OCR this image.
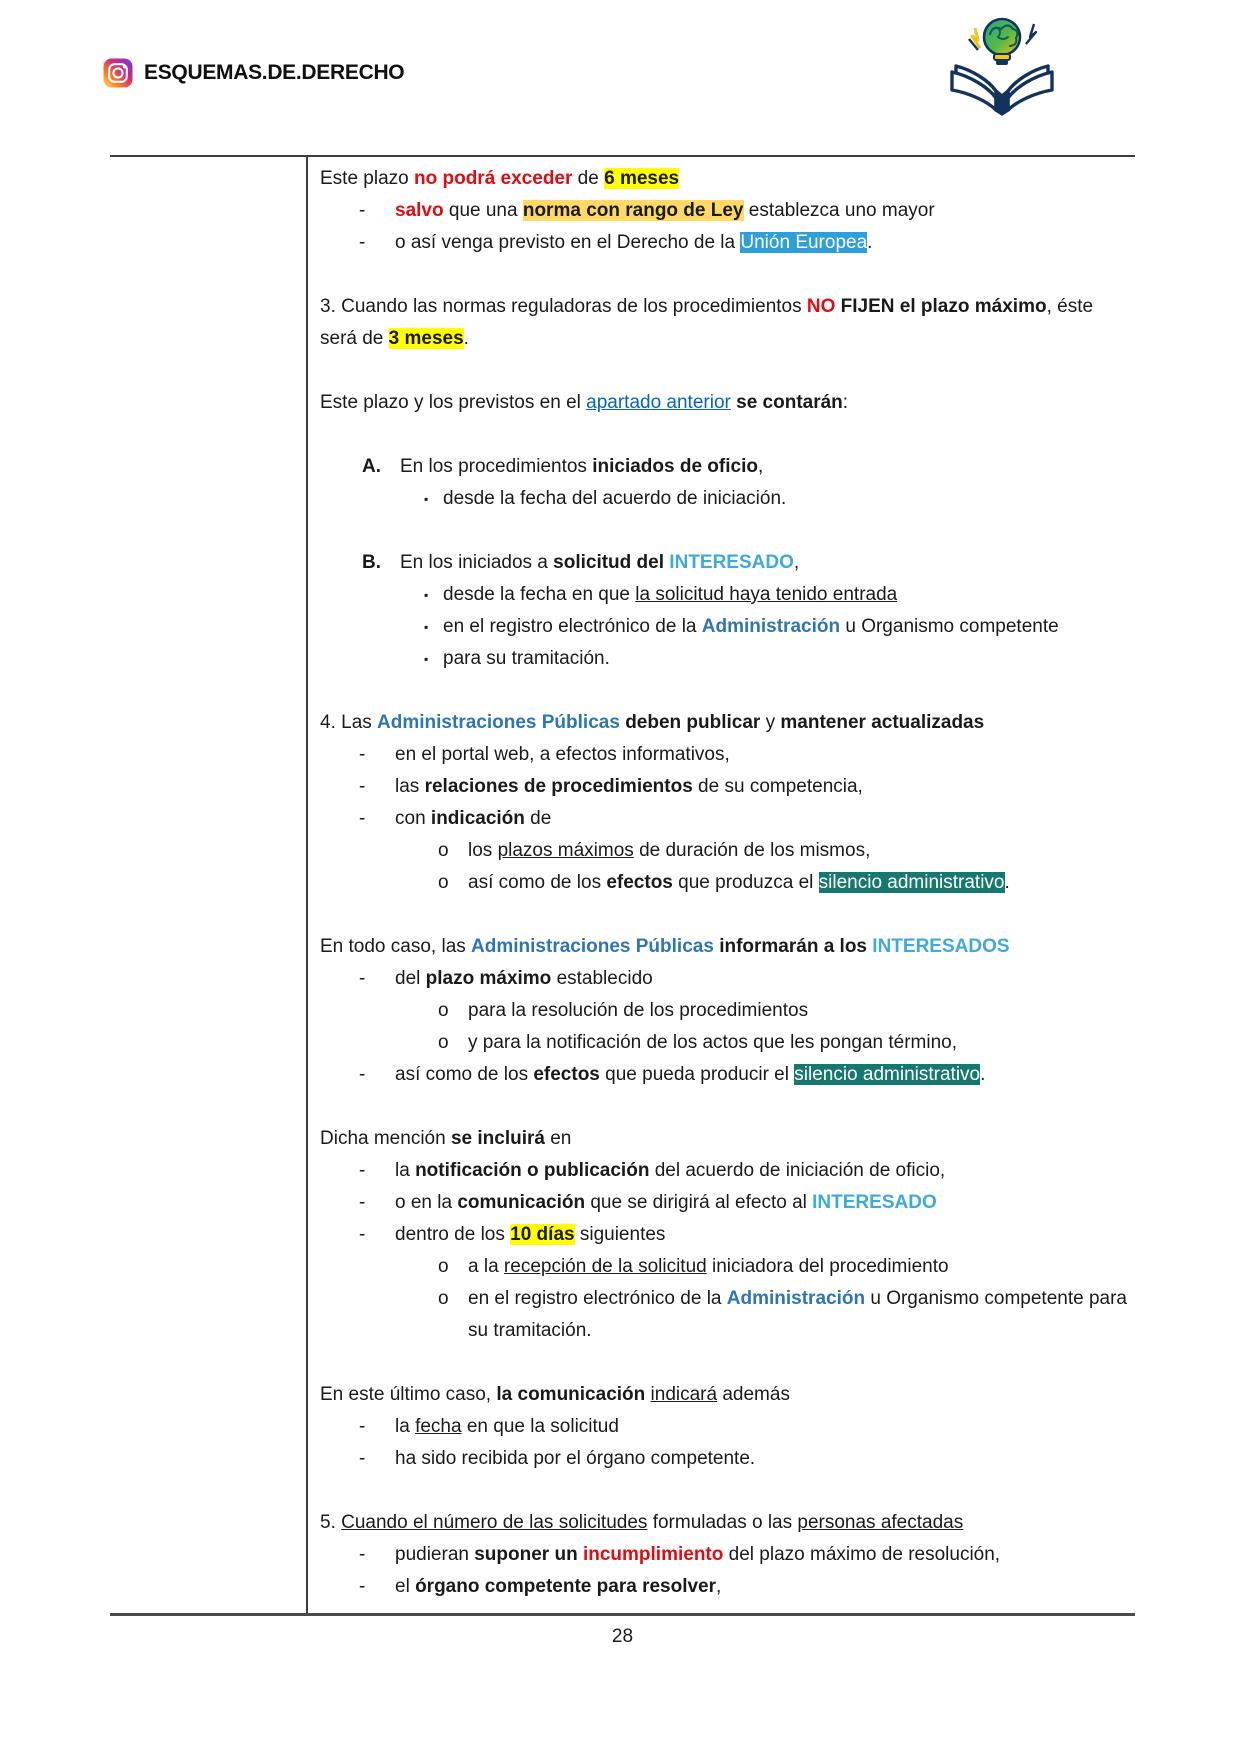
ESQUEMAS.DE.DERECHO
Este plazo no podrá exceder de 6 meses
- salvo que una norma con rango de Ley establezca uno mayor
- o así venga previsto en el Derecho de la Unión Europea.
3. Cuando las normas reguladoras de los procedimientos NO FIJEN el plazo máximo, éste será de 3 meses.
Este plazo y los previstos en el apartado anterior se contarán:
A. En los procedimientos iniciados de oficio,
▪ desde la fecha del acuerdo de iniciación.
B. En los iniciados a solicitud del INTERESADO,
▪ desde la fecha en que la solicitud haya tenido entrada
▪ en el registro electrónico de la Administración u Organismo competente
▪ para su tramitación.
4. Las Administraciones Públicas deben publicar y mantener actualizadas
- en el portal web, a efectos informativos,
- las relaciones de procedimientos de su competencia,
- con indicación de
o los plazos máximos de duración de los mismos,
o así como de los efectos que produzca el silencio administrativo.
En todo caso, las Administraciones Públicas informarán a los INTERESADOS
- del plazo máximo establecido
o para la resolución de los procedimientos
o y para la notificación de los actos que les pongan término,
- así como de los efectos que pueda producir el silencio administrativo.
Dicha mención se incluirá en
- la notificación o publicación del acuerdo de iniciación de oficio,
- o en la comunicación que se dirigirá al efecto al INTERESADO
- dentro de los 10 días siguientes
o a la recepción de la solicitud iniciadora del procedimiento
o en el registro electrónico de la Administración u Organismo competente para su tramitación.
En este último caso, la comunicación indicará además
- la fecha en que la solicitud
- ha sido recibida por el órgano competente.
5. Cuando el número de las solicitudes formuladas o las personas afectadas
- pudieran suponer un incumplimiento del plazo máximo de resolución,
- el órgano competente para resolver,
28
